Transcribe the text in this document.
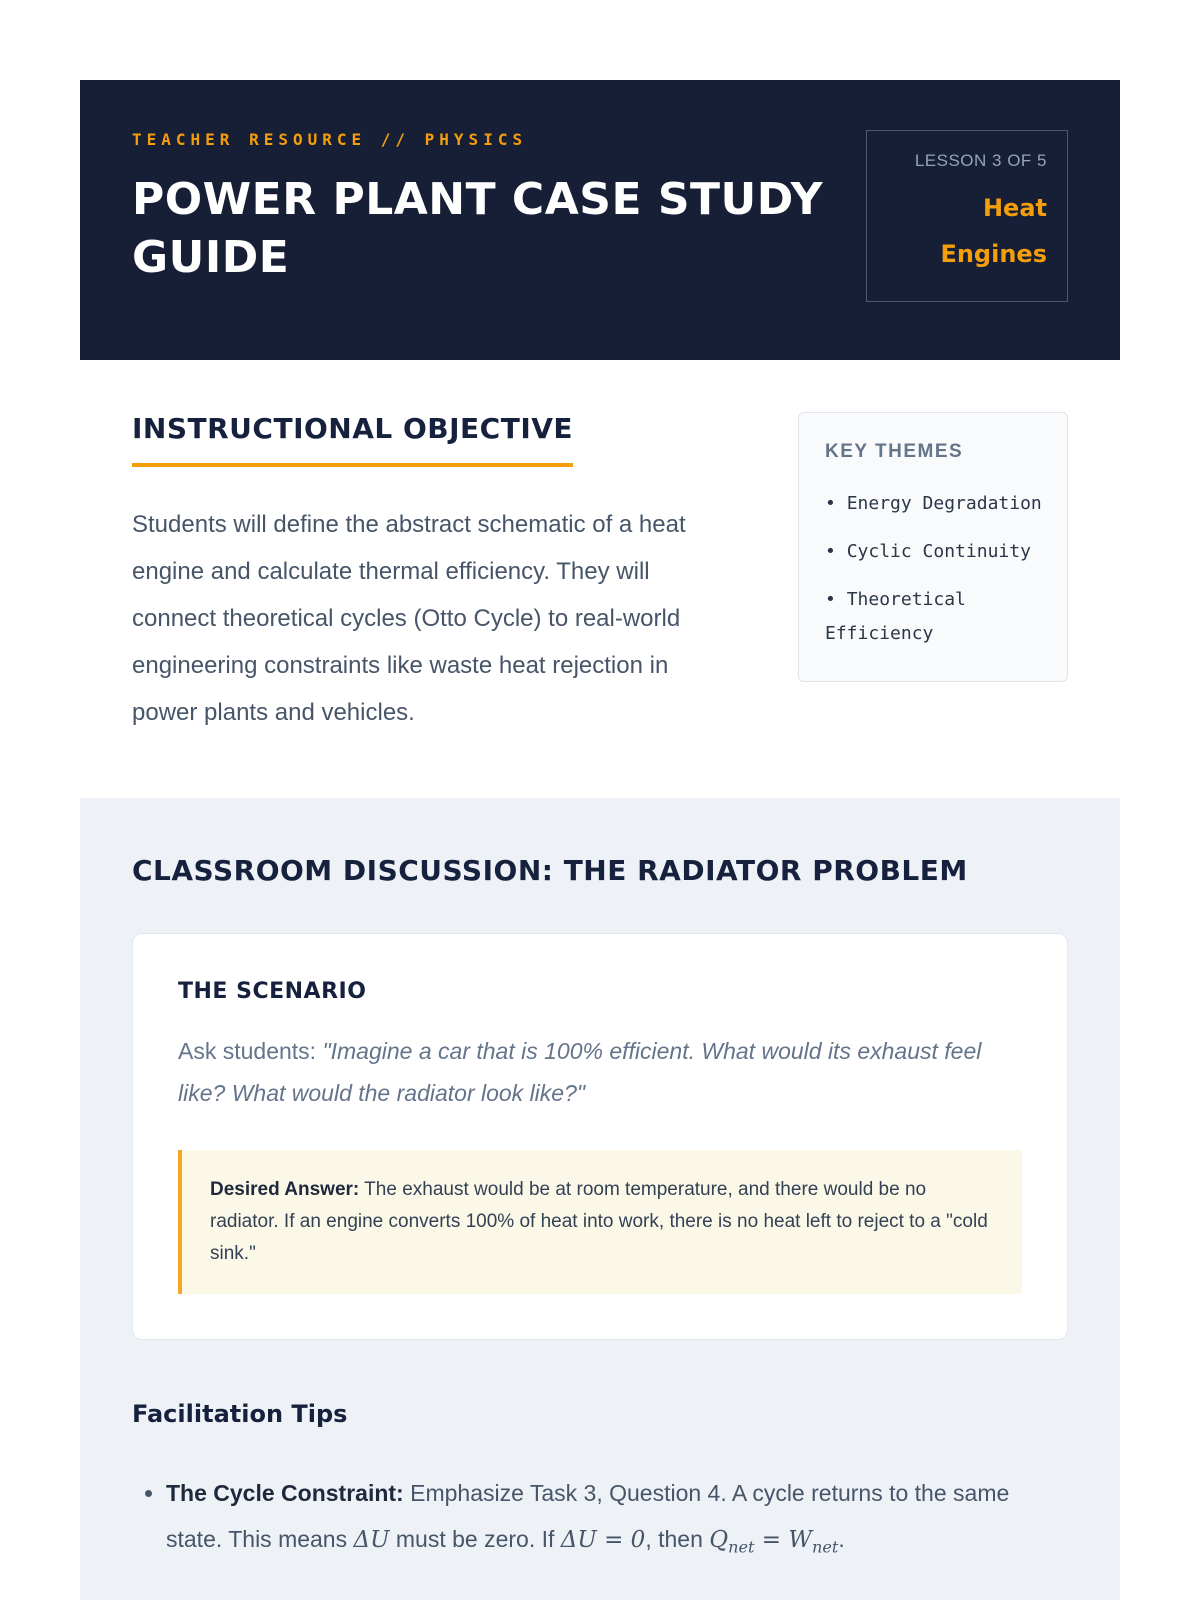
TEACHER RESOURCE // PHYSICS
POWER PLANT CASE STUDY
GUIDE
LESSON 3 OF 5
Heat
Engines
INSTRUCTIONAL OBJECTIVE

Students will define the abstract schematic of a heat engine and calculate thermal efficiency. They will connect theoretical cycles (Otto Cycle) to real-world engineering constraints like waste heat rejection in power plants and vehicles.

KEY THEMES
• Energy Degradation
• Cyclic Continuity
• Theoretical Efficiency
CLASSROOM DISCUSSION: THE RADIATOR PROBLEM
THE SCENARIO

Ask students: "Imagine a car that is 100% efficient. What would its exhaust feel like? What would the radiator look like?"

Desired Answer: The exhaust would be at room temperature, and there would be no radiator. If an engine converts 100% of heat into work, there is no heat left to reject to a "cold sink."
Facilitation Tips
• The Cycle Constraint: Emphasize Task 3, Question 4. A cycle returns to the same state. This means ΔU must be zero. If ΔU = 0, then $Q_{net} = W_{net}$.
